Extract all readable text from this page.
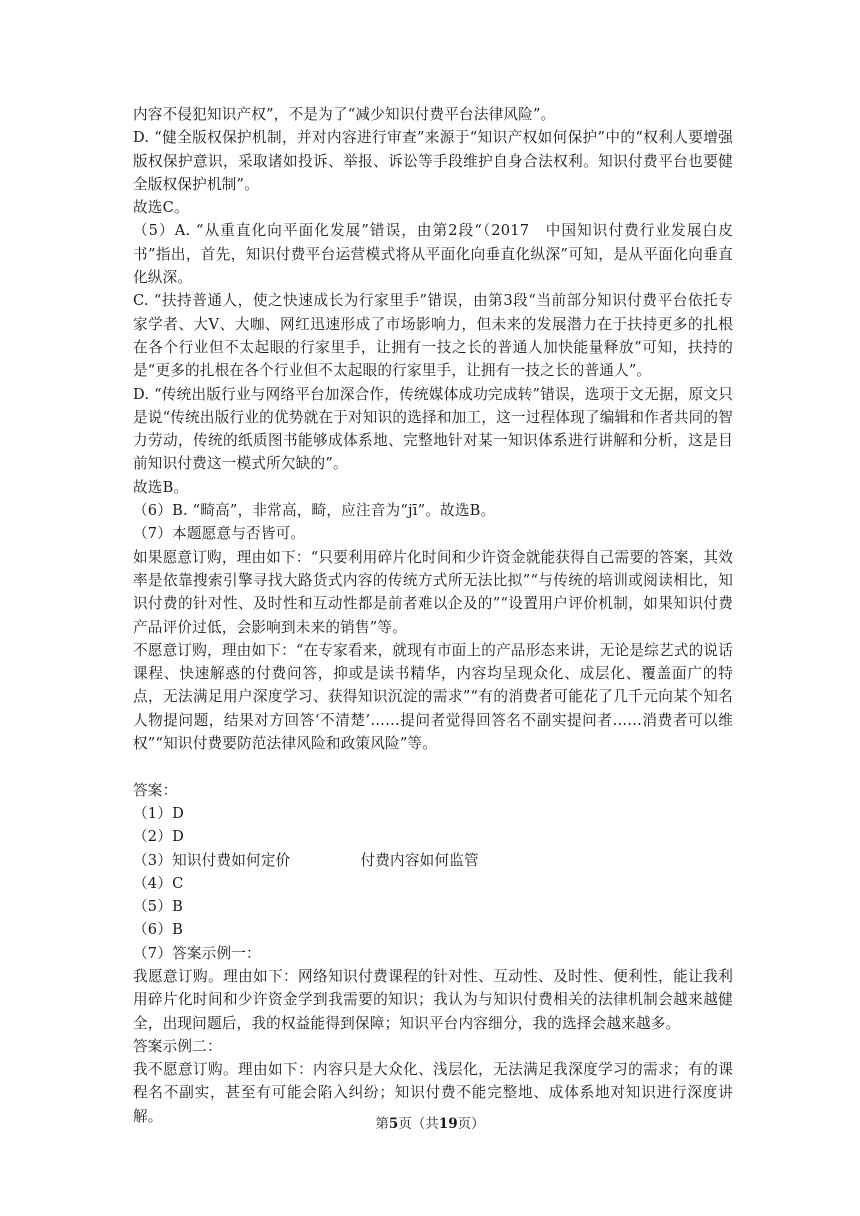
内容不侵犯知识产权”，不是为了“减少知识付费平台法律风险”。

D. “健全版权保护机制，并对内容进行审查”来源于“知识产权如何保护”中的“权利人要增强版权保护意识，采取诸如投诉、举报、诉讼等手段维护自身合法权利。知识付费平台也要健全版权保护机制”。

故选C。

（5）A. “从重直化向平面化发展”错误，由第2段“（2017　中国知识付费行业发展白皮书”指出，首先，知识付费平台运营模式将从平面化向垂直化纵深”可知，是从平面化向垂直化纵深。

C. “扶持普通人，使之快速成长为行家里手”错误，由第3段“当前部分知识付费平台依托专家学者、大V、大咖、网红迅速形成了市场影响力，但未来的发展潜力在于扶持更多的扎根在各个行业但不太起眼的行家里手，让拥有一技之长的普通人加快能量释放”可知，扶持的是“更多的扎根在各个行业但不太起眼的行家里手，让拥有一技之长的普通人”。

D. “传统出版行业与网络平台加深合作，传统媒体成功完成转”错误，选项于文无据，原文只是说“传统出版行业的优势就在于对知识的选择和加工，这一过程体现了编辑和作者共同的智力劳动，传统的纸质图书能够成体系地、完整地针对某一知识体系进行讲解和分析，这是目前知识付费这一模式所欠缺的”。

故选B。

（6）B. “畸高”，非常高，畸，应注音为“jī”。故选B。

（7）本题愿意与否皆可。

如果愿意订购，理由如下：“只要利用碎片化时间和少许资金就能获得自己需要的答案，其效率是依靠搜索引擎寻找大路货式内容的传统方式所无法比拟”“与传统的培训或阅读相比，知识付费的针对性、及时性和互动性都是前者难以企及的”“设置用户评价机制，如果知识付费产品评价过低，会影响到未来的销售”等。

不愿意订购，理由如下：“在专家看来，就现有市面上的产品形态来讲，无论是综艺式的说话课程、快速解惑的付费问答，抑或是读书精华，内容均呈现众化、成层化、覆盖面广的特点，无法满足用户深度学习、获得知识沉淀的需求”“有的消费者可能花了几千元向某个知名人物提问题，结果对方回答‘不清楚’……提问者觉得回答名不副实提问者……消费者可以维权”“知识付费要防范法律风险和政策风险”等。

答案：

（1）D

（2）D

（3）知识付费如何定价	付费内容如何监管

（4）C

（5）B

（6）B

（7）答案示例一：

我愿意订购。理由如下：网络知识付费课程的针对性、互动性、及时性、便利性，能让我利用碎片化时间和少许资金学到我需要的知识；我认为与知识付费相关的法律机制会越来越健全，出现问题后，我的权益能得到保障；知识平台内容细分，我的选择会越来越多。

答案示例二：

我不愿意订购。理由如下：内容只是大众化、浅层化，无法满足我深度学习的需求；有的课程名不副实，甚至有可能会陷入纠纷；知识付费不能完整地、成体系地对知识进行深度讲解。	第5页（共19页）
